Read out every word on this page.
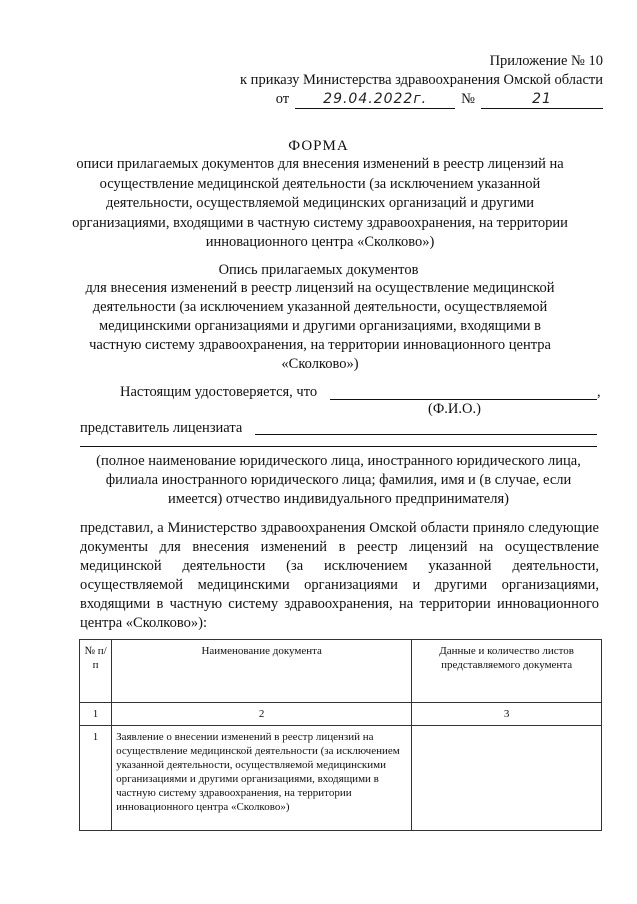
Приложение № 10
к приказу Министерства здравоохранения Омской области
от	29.04.2022г.	№	21
ФОРМА
описи прилагаемых документов для внесения изменений в реестр лицензий на осуществление медицинской деятельности (за исключением указанной деятельности, осуществляемой медицинских организаций и другими организациями, входящими в частную систему здравоохранения, на территории инновационного центра «Сколково»)
Опись прилагаемых документов
для внесения изменений в реестр лицензий на осуществление медицинской деятельности (за исключением указанной деятельности, осуществляемой медицинскими организациями и другими организациями, входящими в частную систему здравоохранения, на территории инновационного центра «Сколково»)
Настоящим удостоверяется, что	,
(Ф.И.О.)
представитель лицензиата
(полное наименование юридического лица, иностранного юридического лица, филиала иностранного юридического лица; фамилия, имя и (в случае, если имеется) отчество индивидуального предпринимателя)
представил, а Министерство здравоохранения Омской области приняло следующие документы для внесения изменений в реестр лицензий на осуществление медицинской деятельности (за исключением указанной деятельности, осуществляемой медицинскими организациями и другими организациями, входящими в частную систему здравоохранения, на территории инновационного центра «Сколково»):
№ п/п	Наименование документа	Данные и количество листов представляемого документа
1	2	3
1	Заявление о внесении изменений в реестр лицензий на осуществление медицинской деятельности (за исключением указанной деятельности, осуществляемой медицинскими организациями и другими организациями, входящими в частную систему здравоохранения, на территории инновационного центра «Сколково»)	
